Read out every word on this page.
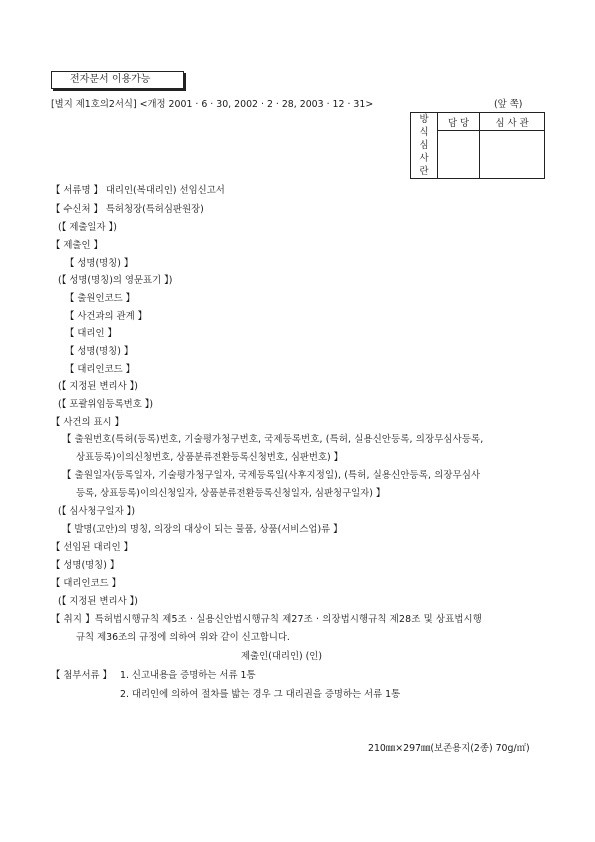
전자문서 이용가능
[별지 제1호의2서식] <개정 2001 · 6 · 30, 2002 · 2 · 28, 2003 · 12 · 31>	(앞 쪽)
방식심사란	담 당	심 사 관

【 서류명 】 대리인(복대리인) 선임신고서
【 수신처 】 특허청장(특허심판원장)
(【 제출일자 】)
【 제출인 】
【 성명(명칭) 】
(【 성명(명칭)의 영문표기 】)
【 출원인코드 】
【 사건과의 관계 】
【 대리인 】
【 성명(명칭) 】
【 대리인코드 】
(【 지정된 변리사 】)
(【 포괄위임등록번호 】)
【 사건의 표시 】
【 출원번호(특허(등록)번호, 기술평가청구번호, 국제등록번호, (특허, 실용신안등록, 의장무심사등록,
상표등록)이의신청번호, 상품분류전환등록신청번호, 심판번호) 】
【 출원일자(등록일자, 기술평가청구일자, 국제등록일(사후지정일), (특허, 실용신안등록, 의장무심사
등록, 상표등록)이의신청일자, 상품분류전환등록신청일자, 심판청구일자) 】
(【 심사청구일자 】)
【 발명(고안)의 명칭, 의장의 대상이 되는 물품, 상품(서비스업)류 】
【 선임된 대리인 】
【 성명(명칭) 】
【 대리인코드 】
(【 지정된 변리사 】)
【 취지 】특허법시행규칙 제5조 · 실용신안법시행규칙 제27조 · 의장법시행규칙 제28조 및 상표법시행
규칙 제36조의 규정에 의하여 위와 같이 신고합니다.
제출인(대리인) (인)
【 첨부서류 】 1. 신고내용을 증명하는 서류 1통
2. 대리인에 의하여 절차를 밟는 경우 그 대리권을 증명하는 서류 1통
210㎜×297㎜(보존용지(2종) 70g/㎡)
